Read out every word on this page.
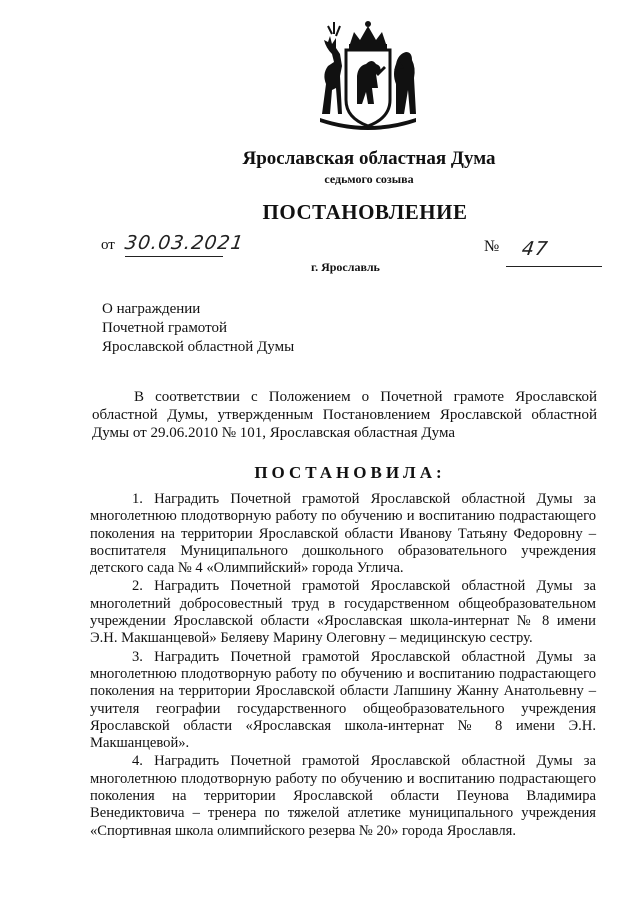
Ярославская областная Дума
седьмого созыва
ПОСТАНОВЛЕНИЕ
от 30.03.2021	№ 47
г. Ярославль
О награждении
Почетной грамотой
Ярославской областной Думы
В соответствии с Положением о Почетной грамоте Ярославской областной Думы, утвержденным Постановлением Ярославской областной Думы от 29.06.2010 № 101, Ярославская областная Дума
ПОСТАНОВИЛА:

1. Наградить Почетной грамотой Ярославской областной Думы за многолетнюю плодотворную работу по обучению и воспитанию подрастающего поколения на территории Ярославской области Иванову Татьяну Федоровну – воспитателя Муниципального дошкольного образовательного учреждения детского сада № 4 «Олимпийский» города Углича.

2. Наградить Почетной грамотой Ярославской областной Думы за многолетний добросовестный труд в государственном общеобразовательном учреждении Ярославской области «Ярославская школа-интернат № 8 имени Э.Н. Макшанцевой» Беляеву Марину Олеговну – медицинскую сестру.

3. Наградить Почетной грамотой Ярославской областной Думы за многолетнюю плодотворную работу по обучению и воспитанию подрастающего поколения на территории Ярославской области Лапшину Жанну Анатольевну – учителя географии государственного общеобразовательного учреждения Ярославской области «Ярославская школа-интернат № 8 имени Э.Н. Макшанцевой».

4. Наградить Почетной грамотой Ярославской областной Думы за многолетнюю плодотворную работу по обучению и воспитанию подрастающего поколения на территории Ярославской области Пеунова Владимира Венедиктовича – тренера по тяжелой атлетике муниципального учреждения «Спортивная школа олимпийского резерва № 20» города Ярославля.
